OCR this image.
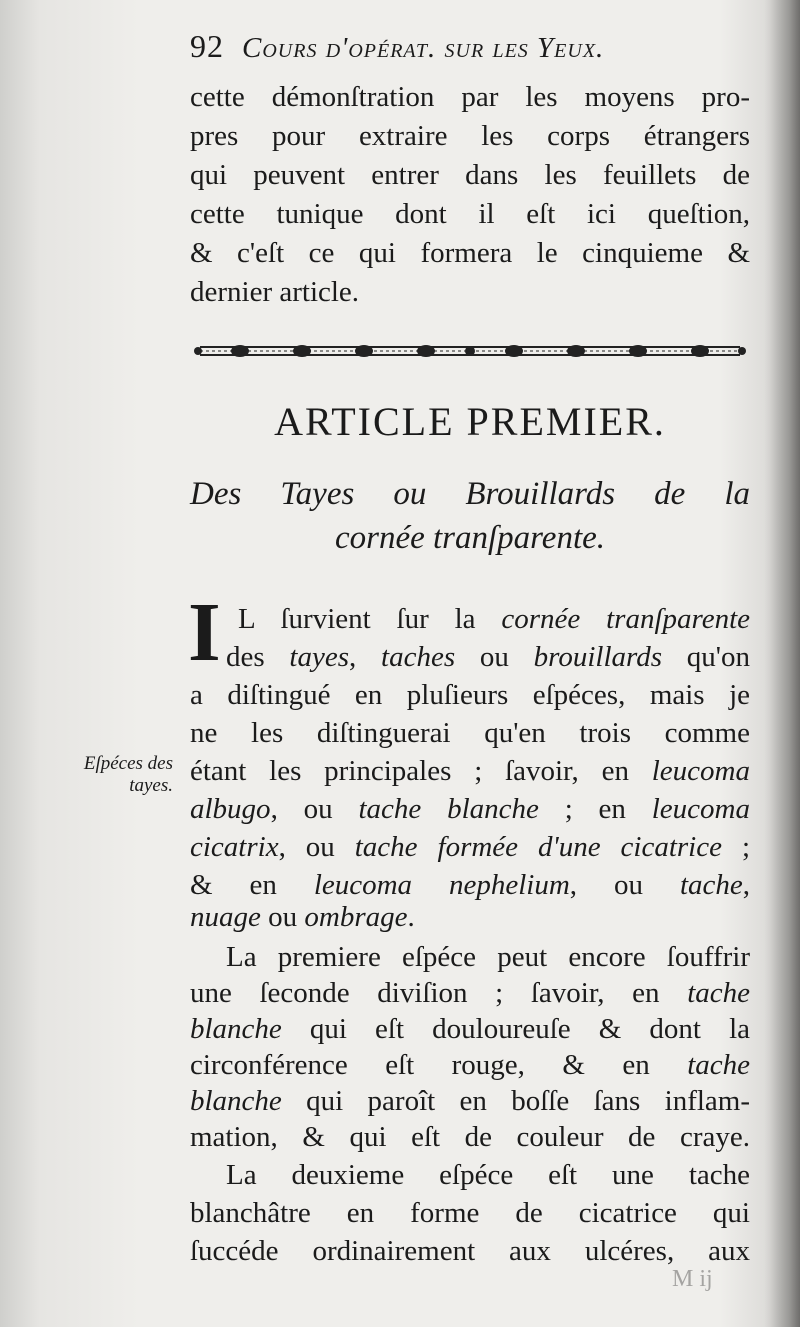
92 Cours d'opérat. sur les Yeux.
cette démonſtration par les moyens pro-
pres pour extraire les corps étrangers
qui peuvent entrer dans les feuillets de
cette tunique dont il eſt ici queſtion,
& c'eſt ce qui formera le cinquieme &
dernier article.
ARTICLE PREMIER.
Des Tayes ou Brouillards de la
cornée tranſparente.
I L ſurvient ſur la cornée tranſparente
des tayes, taches ou brouillards qu'on
a diſtingué en pluſieurs eſpéces, mais je
ne les diſtinguerai qu'en trois comme
étant les principales ; ſavoir, en leucoma
albugo, ou tache blanche ; en leucoma
cicatrix, ou tache formée d'une cicatrice ;
& en leucoma nephelium, ou tache,
nuage ou ombrage.
La premiere eſpéce peut encore ſouffrir
une ſeconde diviſion ; ſavoir, en tache
blanche qui eſt douloureuſe & dont la
circonférence eſt rouge, & en tache
blanche qui paroît en boſſe ſans inflam-
mation, & qui eſt de couleur de craye.
La deuxieme eſpéce eſt une tache
blanchâtre en forme de cicatrice qui
ſuccéde ordinairement aux ulcéres, aux
Eſpéces des
tayes.
M ij
